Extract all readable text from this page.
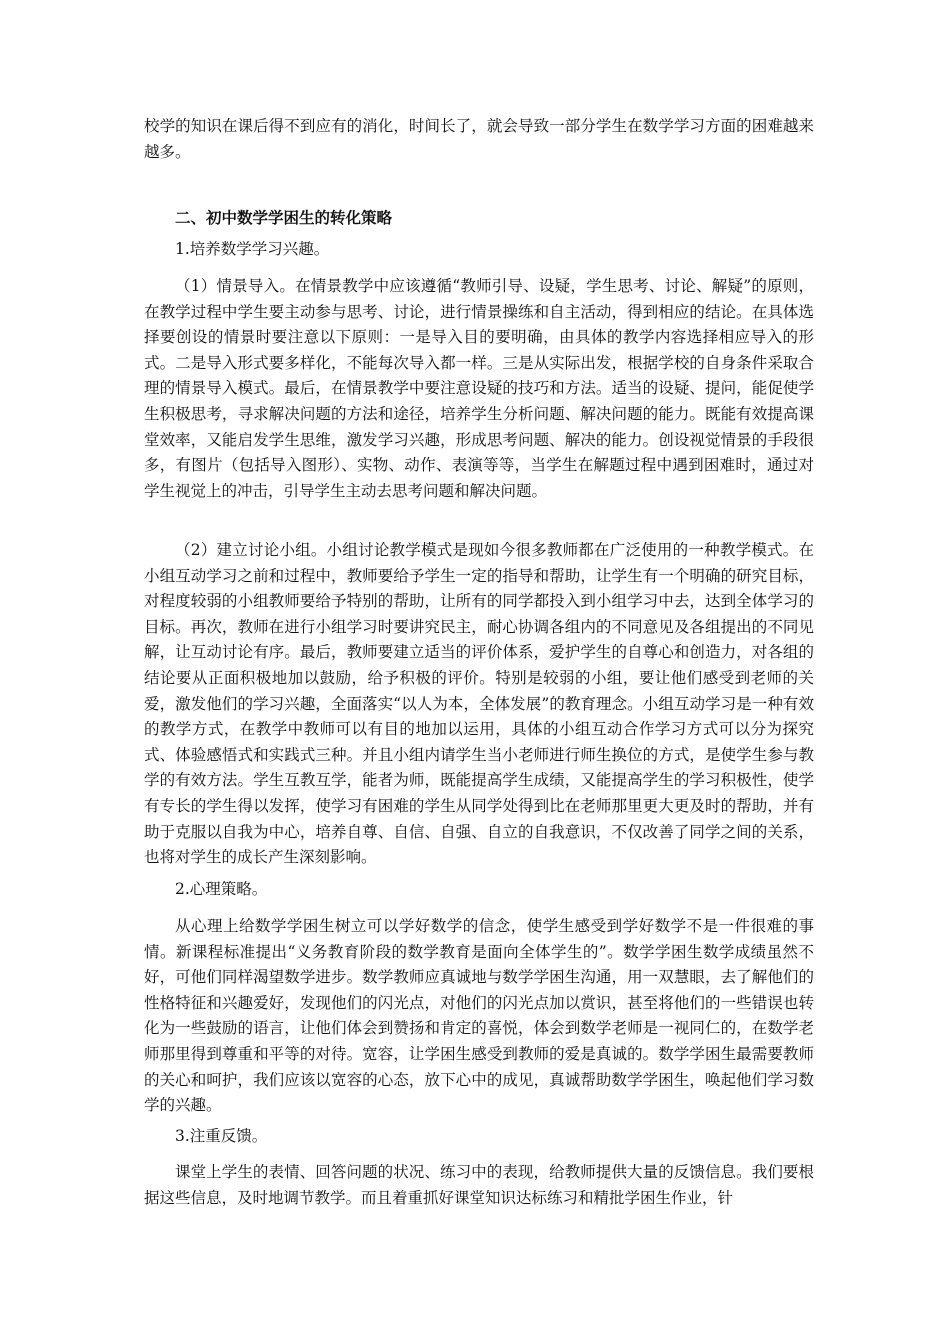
校学的知识在课后得不到应有的消化，时间长了，就会导致一部分学生在数学学习方面的困难越来越多。

二、初中数学学困生的转化策略

1.培养数学学习兴趣。

（1）情景导入。在情景教学中应该遵循“教师引导、设疑，学生思考、讨论、解疑”的原则，在教学过程中学生要主动参与思考、讨论，进行情景操练和自主活动，得到相应的结论。在具体选择要创设的情景时要注意以下原则：一是导入目的要明确，由具体的教学内容选择相应导入的形式。二是导入形式要多样化，不能每次导入都一样。三是从实际出发，根据学校的自身条件采取合理的情景导入模式。最后，在情景教学中要注意设疑的技巧和方法。适当的设疑、提问，能促使学生积极思考，寻求解决问题的方法和途径，培养学生分析问题、解决问题的能力。既能有效提高课堂效率，又能启发学生思维，激发学习兴趣，形成思考问题、解决的能力。创设视觉情景的手段很多，有图片（包括导入图形）、实物、动作、表演等等，当学生在解题过程中遇到困难时，通过对学生视觉上的冲击，引导学生主动去思考问题和解决问题。

（2）建立讨论小组。小组讨论教学模式是现如今很多教师都在广泛使用的一种教学模式。在小组互动学习之前和过程中，教师要给予学生一定的指导和帮助，让学生有一个明确的研究目标，对程度较弱的小组教师要给予特别的帮助，让所有的同学都投入到小组学习中去，达到全体学习的目标。再次，教师在进行小组学习时要讲究民主，耐心协调各组内的不同意见及各组提出的不同见解，让互动讨论有序。最后，教师要建立适当的评价体系，爱护学生的自尊心和创造力，对各组的结论要从正面积极地加以鼓励，给予积极的评价。特别是较弱的小组，要让他们感受到老师的关爱，激发他们的学习兴趣，全面落实“以人为本，全体发展”的教育理念。小组互动学习是一种有效的教学方式，在教学中教师可以有目的地加以运用，具体的小组互动合作学习方式可以分为探究式、体验感悟式和实践式三种。并且小组内请学生当小老师进行师生换位的方式，是使学生参与教学的有效方法。学生互教互学，能者为师，既能提高学生成绩，又能提高学生的学习积极性，使学有专长的学生得以发挥，使学习有困难的学生从同学处得到比在老师那里更大更及时的帮助，并有助于克服以自我为中心，培养自尊、自信、自强、自立的自我意识，不仅改善了同学之间的关系，也将对学生的成长产生深刻影响。

2.心理策略。

从心理上给数学学困生树立可以学好数学的信念，使学生感受到学好数学不是一件很难的事情。新课程标准提出“义务教育阶段的数学教育是面向全体学生的”。数学学困生数学成绩虽然不好，可他们同样渴望数学进步。数学教师应真诚地与数学学困生沟通，用一双慧眼，去了解他们的性格特征和兴趣爱好，发现他们的闪光点，对他们的闪光点加以赏识，甚至将他们的一些错误也转化为一些鼓励的语言，让他们体会到赞扬和肯定的喜悦，体会到数学老师是一视同仁的，在数学老师那里得到尊重和平等的对待。宽容，让学困生感受到教师的爱是真诚的。数学学困生最需要教师的关心和呵护，我们应该以宽容的心态，放下心中的成见，真诚帮助数学学困生，唤起他们学习数学的兴趣。

3.注重反馈。

课堂上学生的表情、回答问题的状况、练习中的表现，给教师提供大量的反馈信息。我们要根据这些信息，及时地调节教学。而且着重抓好课堂知识达标练习和精批学困生作业，针
